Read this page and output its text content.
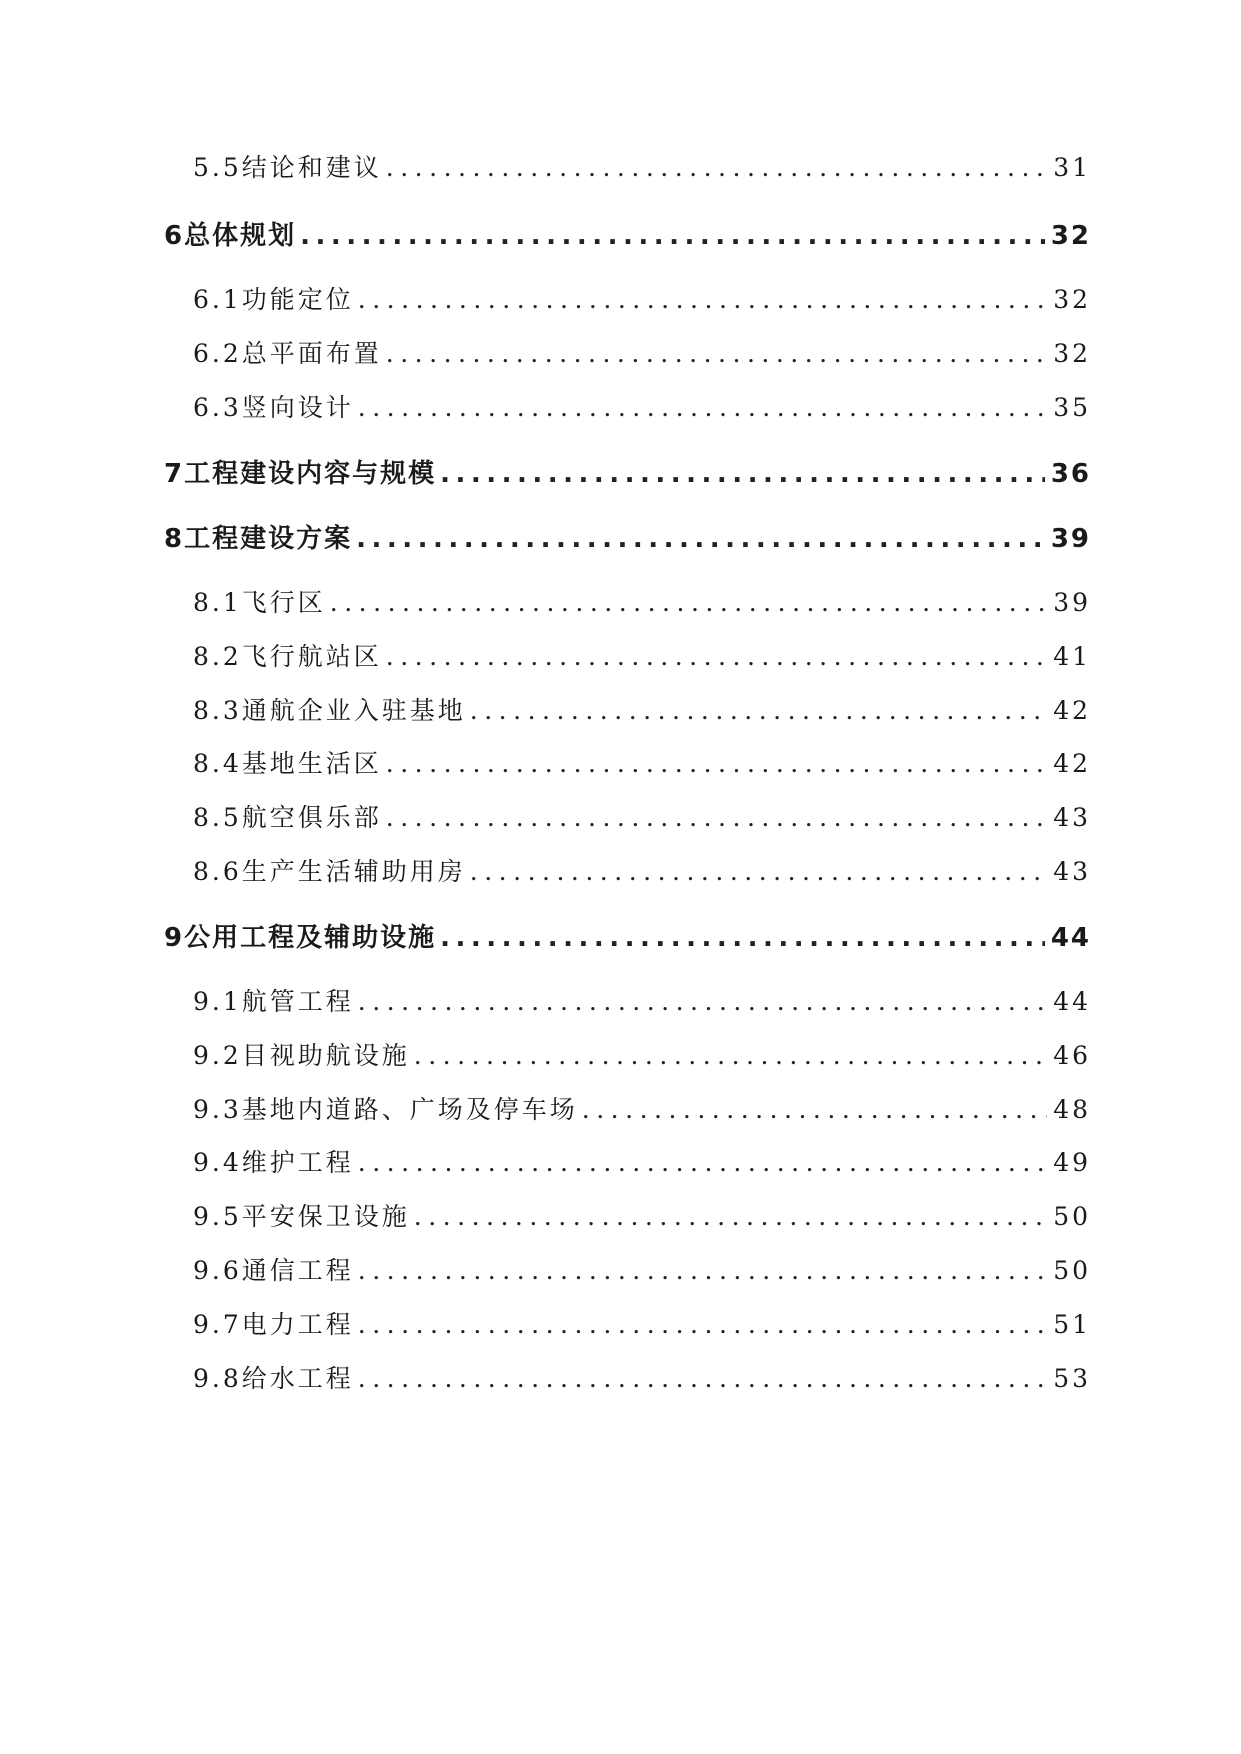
5.5 结论和建议 .....	31
6 总体规划 .....	32
6.1 功能定位 .....	32
6.2 总平面布置 .....	32
6.3 竖向设计 .....	35
7 工程建设内容与规模 .....	36
8 工程建设方案 .....	39
8.1 飞行区 .....	39
8.2 飞行航站区 .....	41
8.3 通航企业入驻基地 .....	42
8.4 基地生活区 .....	42
8.5 航空俱乐部 .....	43
8.6 生产生活辅助用房 .....	43
9 公用工程及辅助设施 .....	44
9.1 航管工程 .....	44
9.2 目视助航设施 .....	46
9.3 基地内道路、广场及停车场 .....	48
9.4 维护工程 .....	49
9.5 平安保卫设施 .....	50
9.6 通信工程 .....	50
9.7 电力工程 .....	51
9.8 给水工程 .....	53
